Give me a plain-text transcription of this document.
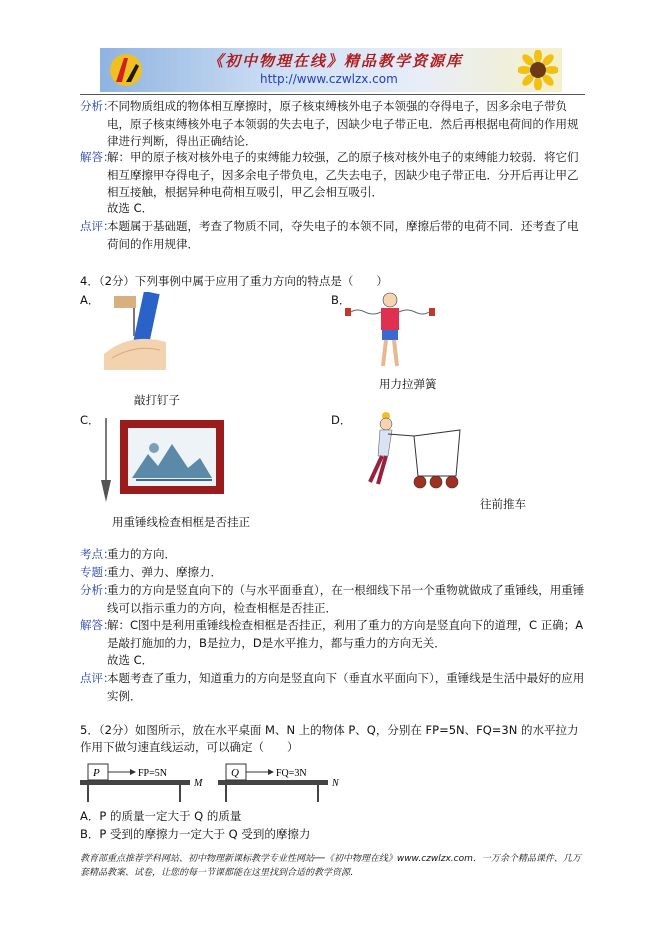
《初中物理在线》精品教学资源库
http://www.czwlzx.com
分析：
不同物质组成的物体相互摩擦时，原子核束缚核外电子本领强的夺得电子，因多余电子带负电，原子核束缚核外电子本领弱的失去电子，因缺少电子带正电．然后再根据电荷间的作用规律进行判断，得出正确结论．
解答：
解：甲的原子核对核外电子的束缚能力较强，乙的原子核对核外电子的束缚能力较弱．将它们相互摩擦甲夺得电子，因多余电子带负电，乙失去电子，因缺少电子带正电．分开后再让甲乙相互接触，根据异种电荷相互吸引，甲乙会相互吸引．
故选 C．
点评：
本题属于基础题，考查了物质不同，夺失电子的本领不同，摩擦后带的电荷不同．还考查了电荷间的作用规律．
4．（2分）下列事例中属于应用了重力方向的特点是（　　）
A．
敲打钉子
B．
用力拉弹簧
C．
用重锤线检查相框是否挂正
D．
往前推车
考点：
重力的方向．
专题：
重力、弹力、摩擦力．
分析：
重力的方向是竖直向下的（与水平面垂直），在一根细线下吊一个重物就做成了重锤线，用重锤线可以指示重力的方向，检查相框是否挂正．
解答：
解：C图中是利用重锤线检查相框是否挂正，利用了重力的方向是竖直向下的道理，C 正确；A是敲打施加的力，B是拉力，D是水平推力，都与重力的方向无关．
故选 C．
点评：
本题考查了重力，知道重力的方向是竖直向下（垂直水平面向下），重锤线是生活中最好的应用实例．
5．（2分）如图所示，放在水平桌面 M、N 上的物体 P、Q，分别在 FP=5N、FQ=3N 的水平拉力作用下做匀速直线运动，可以确定（　　）
P	FP=5N
M
Q	FQ=3N
N
A．P 的质量一定大于 Q 的质量
B．P 受到的摩擦力一定大于 Q 受到的摩擦力
教育部重点推荐学科网站、初中物理新课标教学专业性网站──《初中物理在线》www.czwlzx.com．一万余个精品课件、几万套精品教案、试卷，让您的每一节课都能在这里找到合适的教学资源．
